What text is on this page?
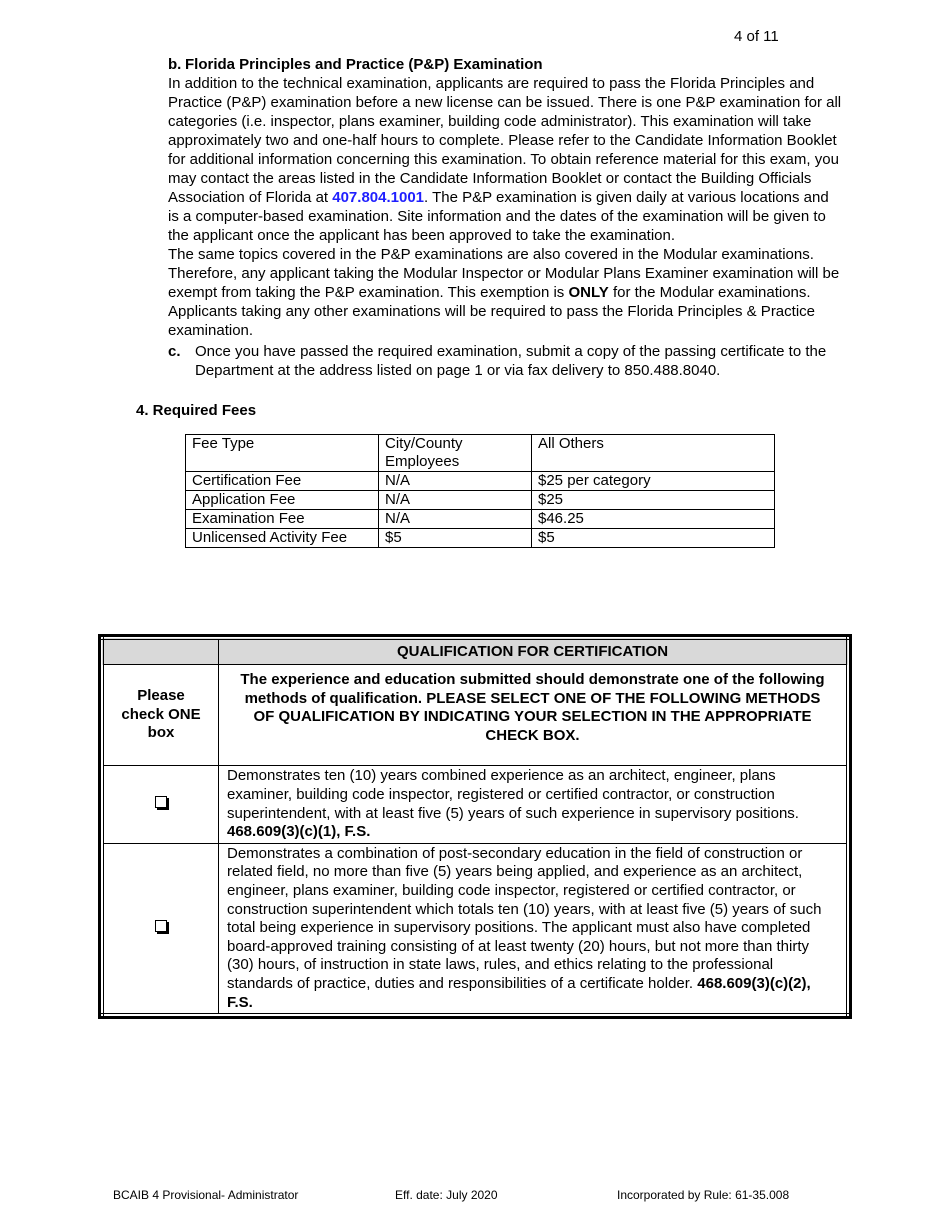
4 of 11
b. Florida Principles and Practice (P&P) Examination
In addition to the technical examination, applicants are required to pass the Florida Principles and Practice (P&P) examination before a new license can be issued. There is one P&P examination for all categories (i.e. inspector, plans examiner, building code administrator). This examination will take approximately two and one-half hours to complete. Please refer to the Candidate Information Booklet for additional information concerning this examination. To obtain reference material for this exam, you may contact the areas listed in the Candidate Information Booklet or contact the Building Officials Association of Florida at 407.804.1001. The P&P examination is given daily at various locations and is a computer-based examination. Site information and the dates of the examination will be given to the applicant once the applicant has been approved to take the examination.
The same topics covered in the P&P examinations are also covered in the Modular examinations. Therefore, any applicant taking the Modular Inspector or Modular Plans Examiner examination will be exempt from taking the P&P examination. This exemption is ONLY for the Modular examinations. Applicants taking any other examinations will be required to pass the Florida Principles & Practice examination.
c. Once you have passed the required examination, submit a copy of the passing certificate to the Department at the address listed on page 1 or via fax delivery to 850.488.8040.
4. Required Fees
Fee Type	City/County Employees	All Others
Certification Fee	N/A	$25 per category
Application Fee	N/A	$25
Examination Fee	N/A	$46.25
Unlicensed Activity Fee	$5	$5
	QUALIFICATION FOR CERTIFICATION
Please check ONE box	The experience and education submitted should demonstrate one of the following methods of qualification. PLEASE SELECT ONE OF THE FOLLOWING METHODS OF QUALIFICATION BY INDICATING YOUR SELECTION IN THE APPROPRIATE CHECK BOX.
	Demonstrates ten (10) years combined experience as an architect, engineer, plans examiner, building code inspector, registered or certified contractor, or construction superintendent, with at least five (5) years of such experience in supervisory positions. 468.609(3)(c)(1), F.S.
	Demonstrates a combination of post-secondary education in the field of construction or related field, no more than five (5) years being applied, and experience as an architect, engineer, plans examiner, building code inspector, registered or certified contractor, or construction superintendent which totals ten (10) years, with at least five (5) years of such total being experience in supervisory positions. The applicant must also have completed board-approved training consisting of at least twenty (20) hours, but not more than thirty (30) hours, of instruction in state laws, rules, and ethics relating to the professional standards of practice, duties and responsibilities of a certificate holder. 468.609(3)(c)(2), F.S.
BCAIB 4 Provisional- Administrator	Eff. date: July 2020	Incorporated by Rule: 61-35.008
